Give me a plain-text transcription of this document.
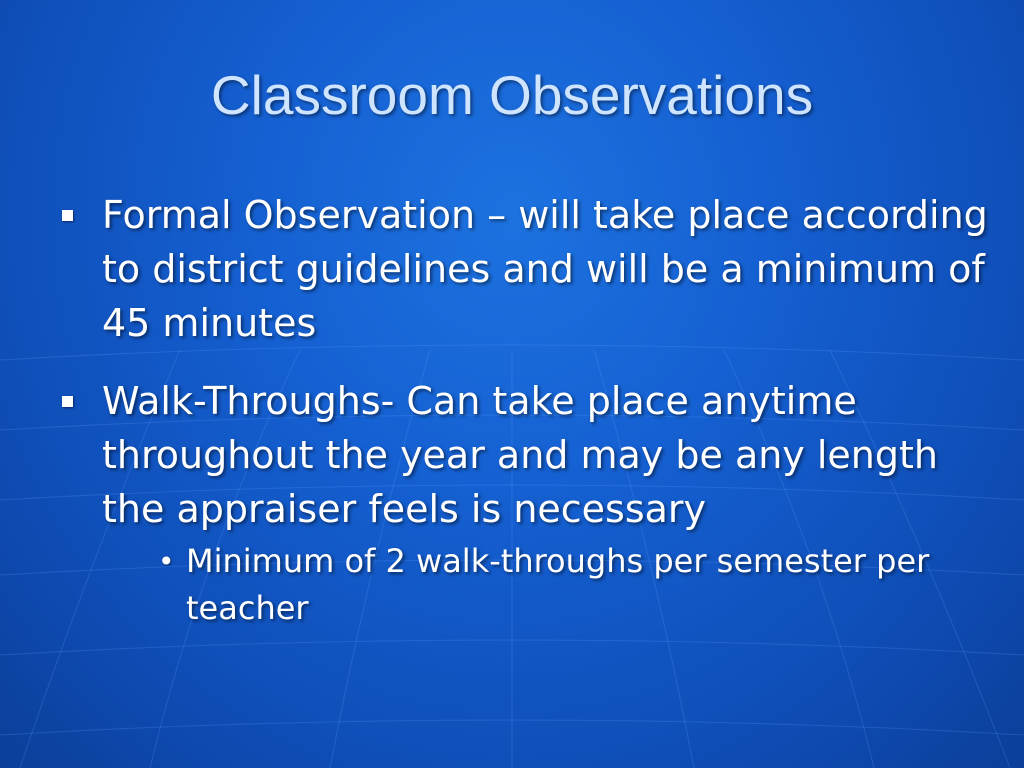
Classroom Observations
Formal Observation – will take place according to district guidelines and will be a minimum of 45 minutes
Walk-Throughs- Can take place anytime throughout the year and may be any length the appraiser feels is necessary
• Minimum of 2 walk-throughs per semester per teacher
